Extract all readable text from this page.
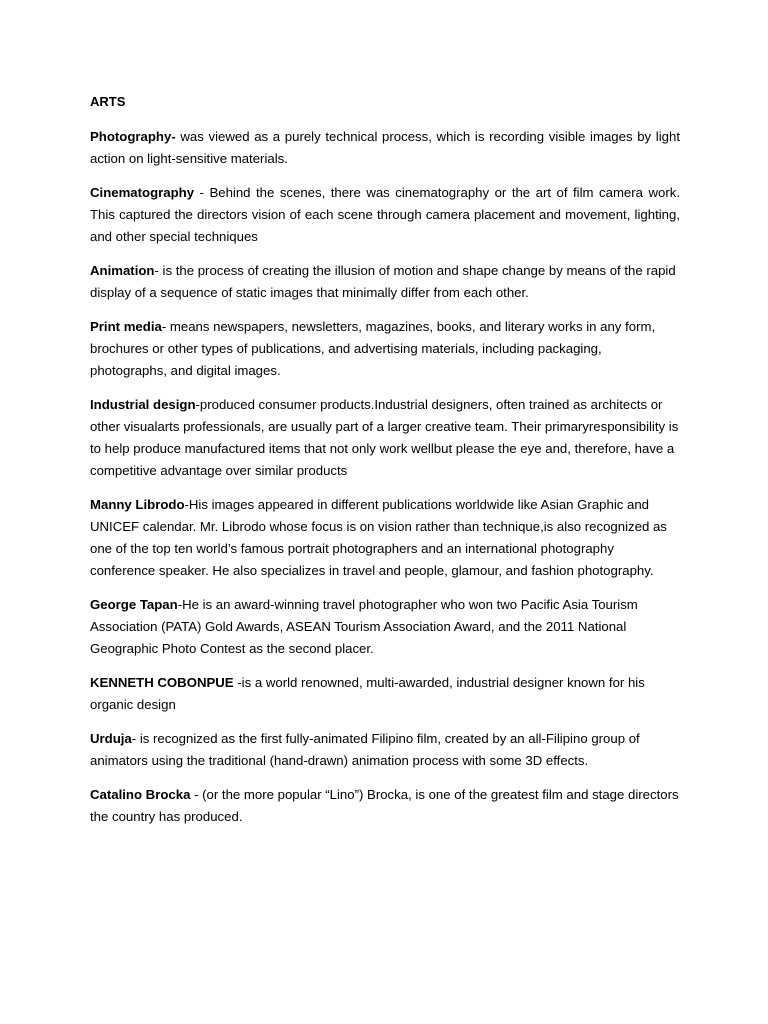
ARTS

Photography- was viewed as a purely technical process, which is recording visible images by light action on light-sensitive materials.

Cinematography - Behind the scenes, there was cinematography or the art of film camera work. This captured the directors vision of each scene through camera placement and movement, lighting, and other special techniques

Animation- is the process of creating the illusion of motion and shape change by means of the rapid display of a sequence of static images that minimally differ from each other.

Print media- means newspapers, newsletters, magazines, books, and literary works in any form, brochures or other types of publications, and advertising materials, including packaging, photographs, and digital images.

Industrial design-produced consumer products.Industrial designers, often trained as architects or other visualarts professionals, are usually part of a larger creative team. Their primaryresponsibility is to help produce manufactured items that not only work wellbut please the eye and, therefore, have a competitive advantage over similar products

Manny Librodo-His images appeared in different publications worldwide like Asian Graphic and UNICEF calendar. Mr. Librodo whose focus is on vision rather than technique,is also recognized as one of the top ten world’s famous portrait photographers and an international photography conference speaker. He also specializes in travel and people, glamour, and fashion photography.

George Tapan-He is an award-winning travel photographer who won two Pacific Asia Tourism Association (PATA) Gold Awards, ASEAN Tourism Association Award, and the 2011 National Geographic Photo Contest as the second placer.

KENNETH COBONPUE -is a world renowned, multi-awarded, industrial designer known for his organic design

Urduja- is recognized as the first fully-animated Filipino film, created by an all-Filipino group of animators using the traditional (hand-drawn) animation process with some 3D effects.

Catalino Brocka - (or the more popular “Lino”) Brocka, is one of the greatest film and stage directors the country has produced.
